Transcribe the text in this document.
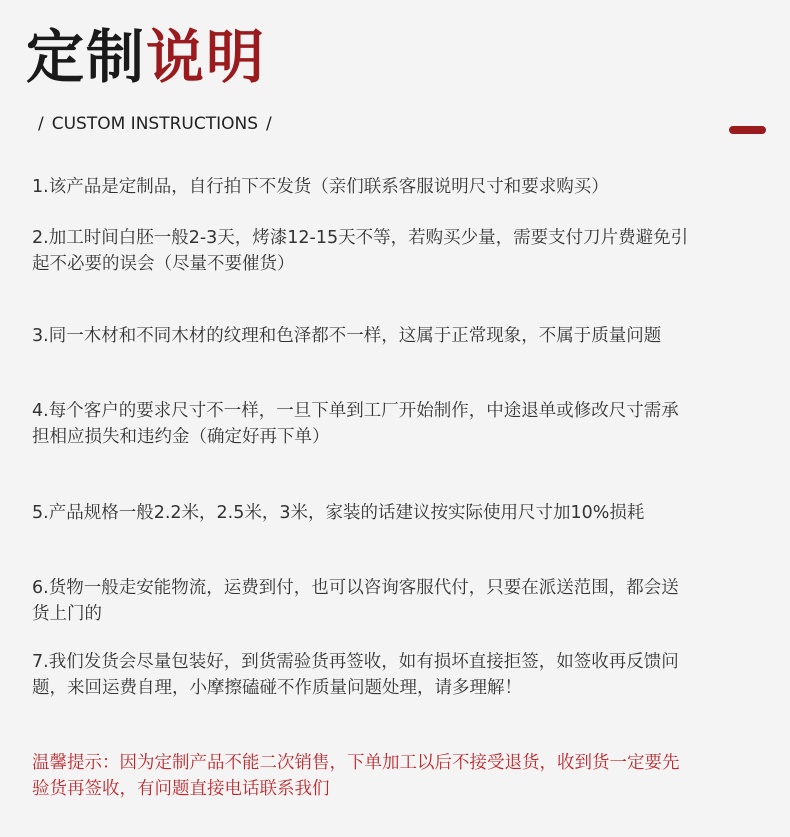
定制说明
/ CUSTOM INSTRUCTIONS /
1.该产品是定制品，自行拍下不发货（亲们联系客服说明尺寸和要求购买）
2.加工时间白胚一般2-3天，烤漆12-15天不等，若购买少量，需要支付刀片费避免引
起不必要的误会（尽量不要催货）
3.同一木材和不同木材的纹理和色泽都不一样，这属于正常现象，不属于质量问题
4.每个客户的要求尺寸不一样，一旦下单到工厂开始制作，中途退单或修改尺寸需承
担相应损失和违约金（确定好再下单）
5.产品规格一般2.2米，2.5米，3米，家装的话建议按实际使用尺寸加10%损耗
6.货物一般走安能物流，运费到付，也可以咨询客服代付，只要在派送范围，都会送
货上门的
7.我们发货会尽量包装好，到货需验货再签收，如有损坏直接拒签，如签收再反馈问
题，来回运费自理，小摩擦磕碰不作质量问题处理，请多理解！
温馨提示：因为定制产品不能二次销售，下单加工以后不接受退货，收到货一定要先
验货再签收，有问题直接电话联系我们
